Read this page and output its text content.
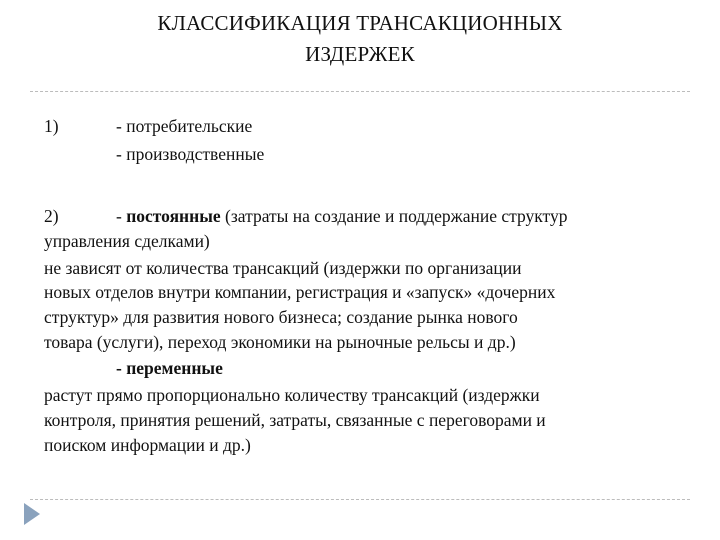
КЛАССИФИКАЦИЯ ТРАНСАКЦИОННЫХ
ИЗДЕРЖЕК
1)	- потребительские
- производственные
2)	- постоянные (затраты на создание и поддержание структур
управления сделками)
не зависят от количества трансакций (издержки по организации
новых отделов внутри компании, регистрация и «запуск» «дочерних
структур» для развития нового бизнеса; создание рынка нового
товара (услуги), переход экономики на рыночные рельсы и др.)
- переменные
растут прямо пропорционально количеству трансакций (издержки
контроля, принятия решений, затраты, связанные с переговорами и
поиском информации и др.)
